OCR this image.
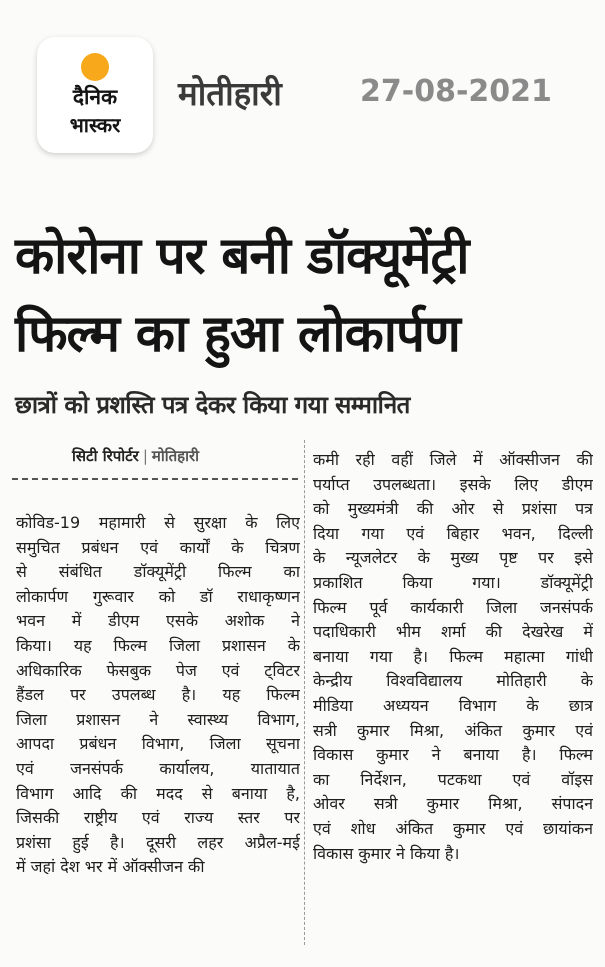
दैनिक
भास्कर
मोतीहारी	27-08-2021
कोरोना पर बनी डॉक्यूमेंट्री
फिल्म का हुआ लोकार्पण
छात्रों को प्रशस्ति पत्र देकर किया गया सम्मानित
सिटी रिपोर्टर | मोतिहारी
कोविड-19 महामारी से सुरक्षा के लिए
समुचित प्रबंधन एवं कार्यों के चित्रण
से संबंधित डॉक्यूमेंट्री फिल्म का
लोकार्पण गुरूवार को डॉ राधाकृष्णन
भवन में डीएम एसके अशोक ने
किया। यह फिल्म जिला प्रशासन के
अधिकारिक फेसबुक पेज एवं ट्विटर
हैंडल पर उपलब्ध है। यह फिल्म
जिला प्रशासन ने स्वास्थ्य विभाग,
आपदा प्रबंधन विभाग, जिला सूचना
एवं जनसंपर्क कार्यालय, यातायात
विभाग आदि की मदद से बनाया है,
जिसकी राष्ट्रीय एवं राज्य स्तर पर
प्रशंसा हुई है। दूसरी लहर अप्रैल-मई
में जहां देश भर में ऑक्सीजन की
कमी रही वहीं जिले में ऑक्सीजन की
पर्याप्त उपलब्धता। इसके लिए डीएम
को मुख्यमंत्री की ओर से प्रशंसा पत्र
दिया गया एवं बिहार भवन, दिल्ली
के न्यूजलेटर के मुख्य पृष्ट पर इसे
प्रकाशित किया गया। डॉक्यूमेंट्री
फिल्म पूर्व कार्यकारी जिला जनसंपर्क
पदाधिकारी भीम शर्मा की देखरेख में
बनाया गया है। फिल्म महात्मा गांधी
केन्द्रीय विश्वविद्यालय मोतिहारी के
मीडिया अध्ययन विभाग के छात्र
सत्री कुमार मिश्रा, अंकित कुमार एवं
विकास कुमार ने बनाया है। फिल्म
का निर्देशन, पटकथा एवं वॉइस
ओवर सत्री कुमार मिश्रा, संपादन
एवं शोध अंकित कुमार एवं छायांकन
विकास कुमार ने किया है।
